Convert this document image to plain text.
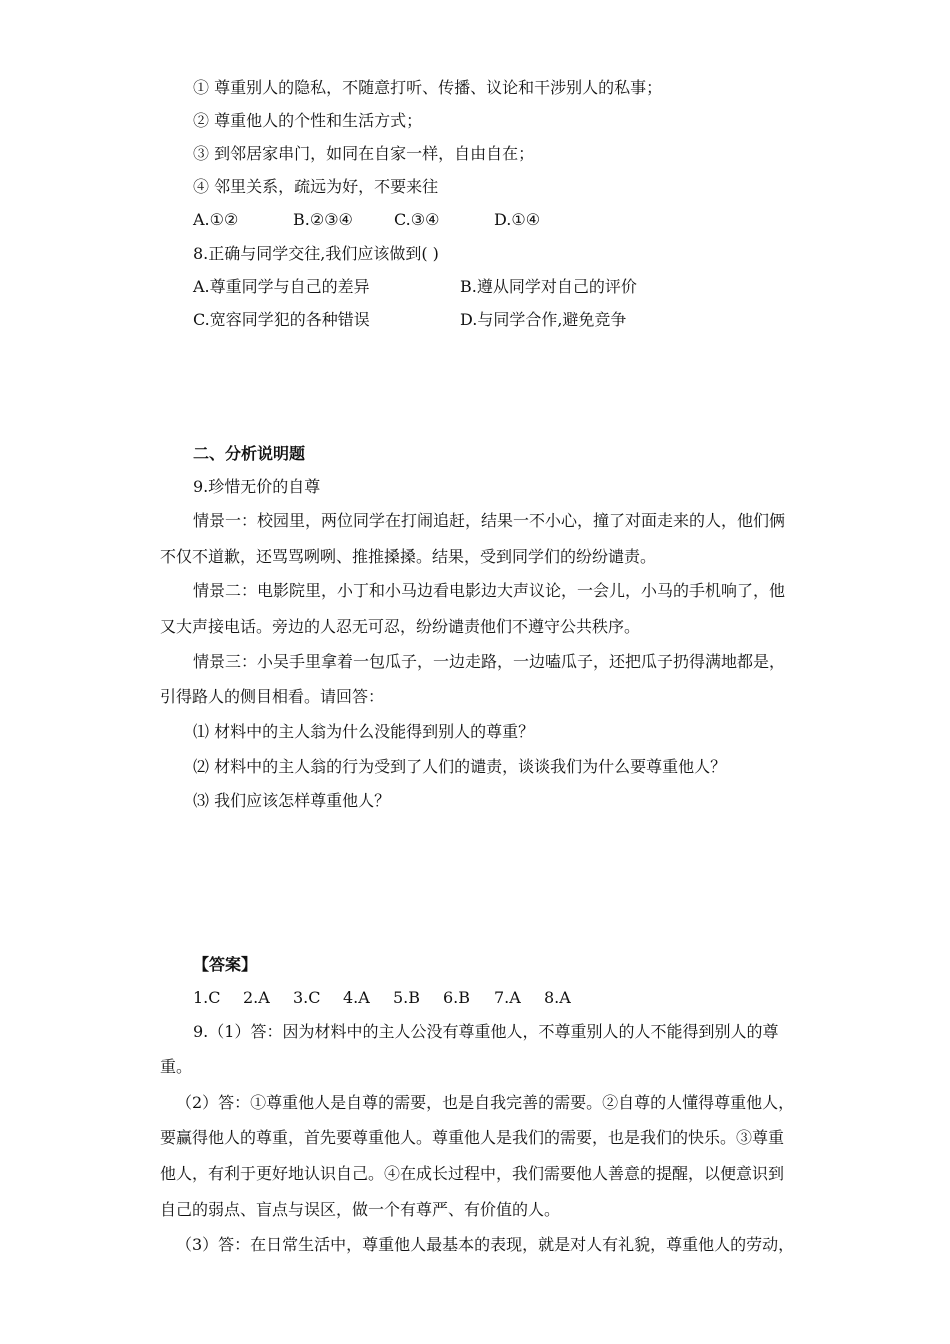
① 尊重别人的隐私，不随意打听、传播、议论和干涉别人的私事；
② 尊重他人的个性和生活方式；
③ 到邻居家串门，如同在自家一样，自由自在；
④ 邻里关系，疏远为好，不要来往
A.①②	B.②③④	C.③④	D.①④
8.正确与同学交往,我们应该做到( )
A.尊重同学与自己的差异	B.遵从同学对自己的评价
C.宽容同学犯的各种错误	D.与同学合作,避免竞争
二、分析说明题
9.珍惜无价的自尊
情景一：校园里，两位同学在打闹追赶，结果一不小心，撞了对面走来的人，他们俩
不仅不道歉，还骂骂咧咧、推推搡搡。结果，受到同学们的纷纷谴责。
情景二：电影院里，小丁和小马边看电影边大声议论，一会儿，小马的手机响了，他
又大声接电话。旁边的人忍无可忍，纷纷谴责他们不遵守公共秩序。
情景三：小吴手里拿着一包瓜子，一边走路，一边嗑瓜子，还把瓜子扔得满地都是，
引得路人的侧目相看。请回答：
⑴ 材料中的主人翁为什么没能得到别人的尊重？
⑵ 材料中的主人翁的行为受到了人们的谴责，谈谈我们为什么要尊重他人？
⑶ 我们应该怎样尊重他人？
【答案】
1.C 2.A 3.C 4.A 5.B 6.B 7.A 8.A
9.（1）答：因为材料中的主人公没有尊重他人，不尊重别人的人不能得到别人的尊
重。
（2）答：①尊重他人是自尊的需要，也是自我完善的需要。②自尊的人懂得尊重他人，
要赢得他人的尊重，首先要尊重他人。尊重他人是我们的需要，也是我们的快乐。③尊重
他人，有利于更好地认识自己。④在成长过程中，我们需要他人善意的提醒，以便意识到
自己的弱点、盲点与误区，做一个有尊严、有价值的人。
（3）答：在日常生活中，尊重他人最基本的表现，就是对人有礼貌，尊重他人的劳动，
